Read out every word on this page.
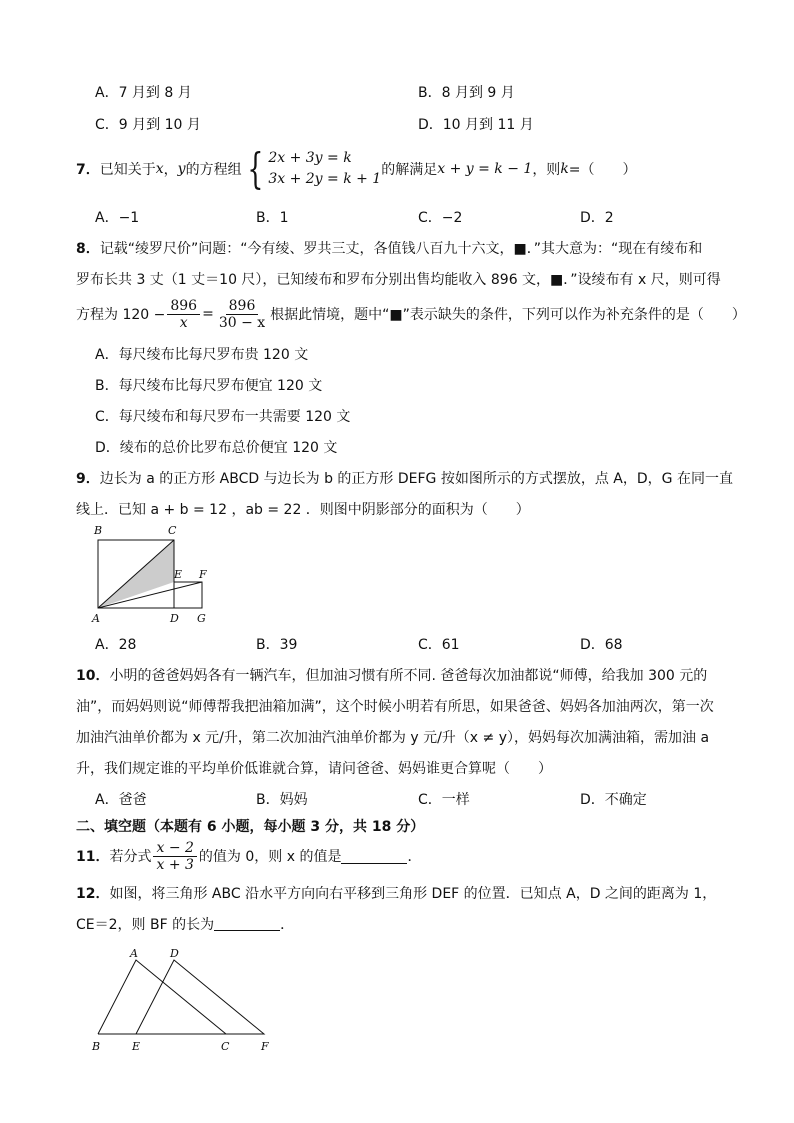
A．7 月到 8 月	B．8 月到 9 月
C．9 月到 10 月	D．10 月到 11 月
7． 已知关于 x ， y 的方程组 { 2x + 3y = k
3x + 2y = k + 1
的解满足 x + y = k − 1 ，则 k =（　　）
A．−1	B．1	C．−2	D．2
8．记载“绫罗尺价”问题：“今有绫、罗共三丈，各值钱八百九十六文，■．”其大意为：“现在有绫布和
罗布长共 3 丈（1 丈＝10 尺），已知绫布和罗布分别出售均能收入 896 文，■．”设绫布有 x 尺，则可得
方程为 $120 - \frac{896}{x} = \frac{896}{30 - x}$ 根据此情境，题中“■”表示缺失的条件，下列可以作为补充条件的是（　　）
A．每尺绫布比每尺罗布贵 120 文
B．每尺绫布比每尺罗布便宜 120 文
C．每尺绫布和每尺罗布一共需要 120 文
D．绫布的总价比罗布总价便宜 120 文
9．边长为 a 的正方形 ABCD 与边长为 b 的正方形 DEFG 按如图所示的方式摆放，点 A，D，G 在同一直
线上．已知 a + b = 12 ，ab = 22 ．则图中阴影部分的面积为（　　）
B	C
E F
A	D G
A．28	B．39	C．61	D．68
10．小明的爸爸妈妈各有一辆汽车，但加油习惯有所不同. 爸爸每次加油都说“师傅，给我加 300 元的
油”，而妈妈则说“师傅帮我把油箱加满”，这个时候小明若有所思，如果爸爸、妈妈各加油两次，第一次
加油汽油单价都为 x 元/升，第二次加油汽油单价都为 y 元/升（x ≠ y），妈妈每次加满油箱，需加油 a
升，我们规定谁的平均单价低谁就合算，请问爸爸、妈妈谁更合算呢（　　）
A．爸爸	B．妈妈	C．一样	D．不确定
二、填空题（本题有 6 小题，每小题 3 分，共 18 分）
11． 若分式 $\frac{x - 2}{x + 3}$ 的值为 0，则 x 的值是	．
12．如图，将三角形 ABC 沿水平方向向右平移到三角形 DEF 的位置．已知点 A，D 之间的距离为 1，
CE＝2，则 BF 的长为	．
A	D
B	E	C	F
